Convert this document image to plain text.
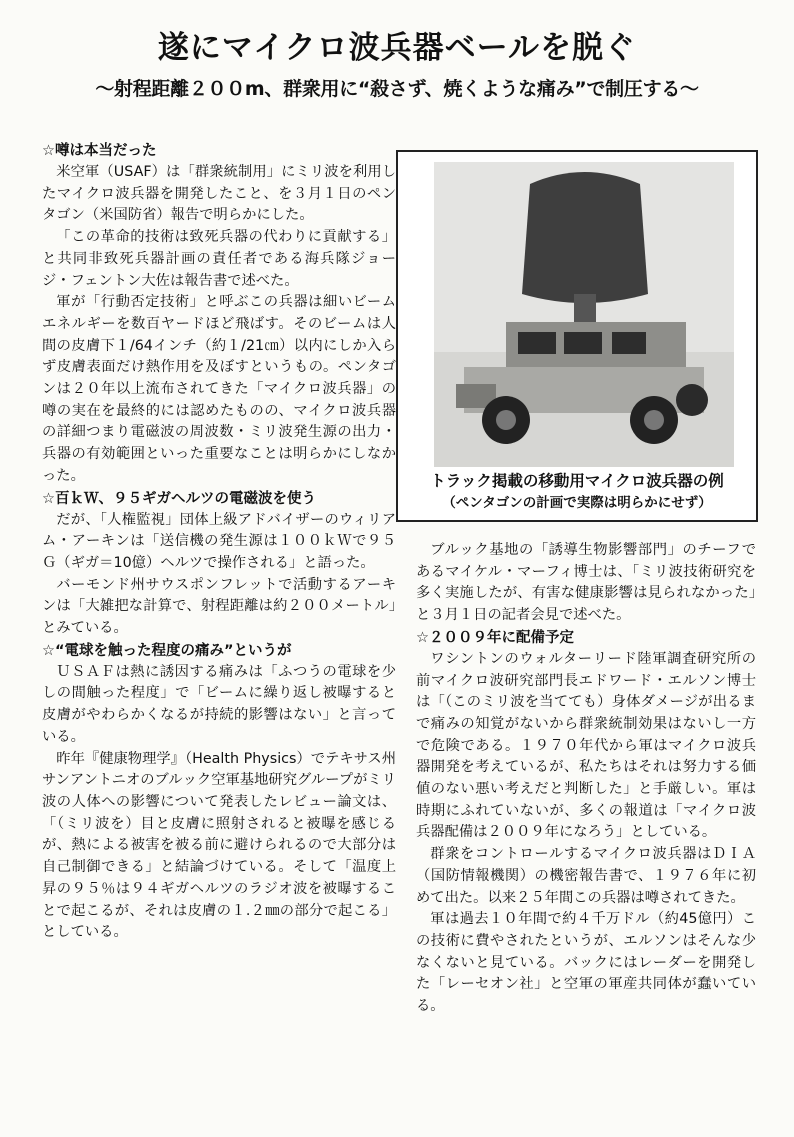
遂にマイクロ波兵器ベールを脱ぐ
～射程距離２００m、群衆用に“殺さず、焼くような痛み”で制圧する～
☆噂は本当だった

米空軍（USAF）は「群衆統制用」にミリ波を利用したマイクロ波兵器を開発したこと、を３月１日のペンタゴン（米国防省）報告で明らかにした。

「この革命的技術は致死兵器の代わりに貢献する」と共同非致死兵器計画の責任者である海兵隊ジョージ・フェントン大佐は報告書で述べた。

軍が「行動否定技術」と呼ぶこの兵器は細いビームエネルギーを数百ヤードほど飛ばす。そのビームは人間の皮膚下１/64インチ（約１/21㎝）以内にしか入らず皮膚表面だけ熱作用を及ぼすというもの。ペンタゴンは２０年以上流布されてきた「マイクロ波兵器」の噂の実在を最終的には認めたものの、マイクロ波兵器の詳細つまり電磁波の周波数・ミリ波発生源の出力・兵器の有効範囲といった重要なことは明らかにしなかった。

☆百ｋＷ、９５ギガヘルツの電磁波を使う

だが、「人権監視」団体上級アドバイザーのウィリアム・アーキンは「送信機の発生源は１００ｋＷで９５Ｇ（ギガ＝10億）ヘルツで操作される」と語った。

バーモンド州サウスポンフレットで活動するアーキンは「大雑把な計算で、射程距離は約２００メートル」とみている。

☆“電球を触った程度の痛み”というが

ＵＳＡＦは熱に誘因する痛みは「ふつうの電球を少しの間触った程度」で「ビームに繰り返し被曝すると皮膚がやわらかくなるが持続的影響はない」と言っている。

昨年『健康物理学』（Health Physics）でテキサス州サンアントニオのブルック空軍基地研究グループがミリ波の人体への影響について発表したレビュー論文は、「（ミリ波を）目と皮膚に照射されると被曝を感じるが、熱による被害を被る前に避けられるので大部分は自己制御できる」と結論づけている。そして「温度上昇の９５％は９４ギガヘルツのラジオ波を被曝することで起こるが、それは皮膚の１.２㎜の部分で起こる」としている。

トラック掲載の移動用マイクロ波兵器の例

（ペンタゴンの計画で実際は明らかにせず）

ブルック基地の「誘導生物影響部門」のチーフであるマイケル・マーフィ博士は、「ミリ波技術研究を多く実施したが、有害な健康影響は見られなかった」と３月１日の記者会見で述べた。

☆２００９年に配備予定

ワシントンのウォルターリード陸軍調査研究所の前マイクロ波研究部門長エドワード・エルソン博士は「（このミリ波を当てても）身体ダメージが出るまで痛みの知覚がないから群衆統制効果はないし一方で危険である。１９７０年代から軍はマイクロ波兵器開発を考えているが、私たちはそれは努力する価値のない悪い考えだと判断した」と手厳しい。軍は時期にふれていないが、多くの報道は「マイクロ波兵器配備は２００９年になろう」としている。

群衆をコントロールするマイクロ波兵器はＤＩＡ（国防情報機関）の機密報告書で、１９７６年に初めて出た。以来２５年間この兵器は噂されてきた。

軍は過去１０年間で約４千万ドル（約45億円）この技術に費やされたというが、エルソンはそんな少なくないと見ている。バックにはレーダーを開発した「レーセオン社」と空軍の軍産共同体が蠢いている。
